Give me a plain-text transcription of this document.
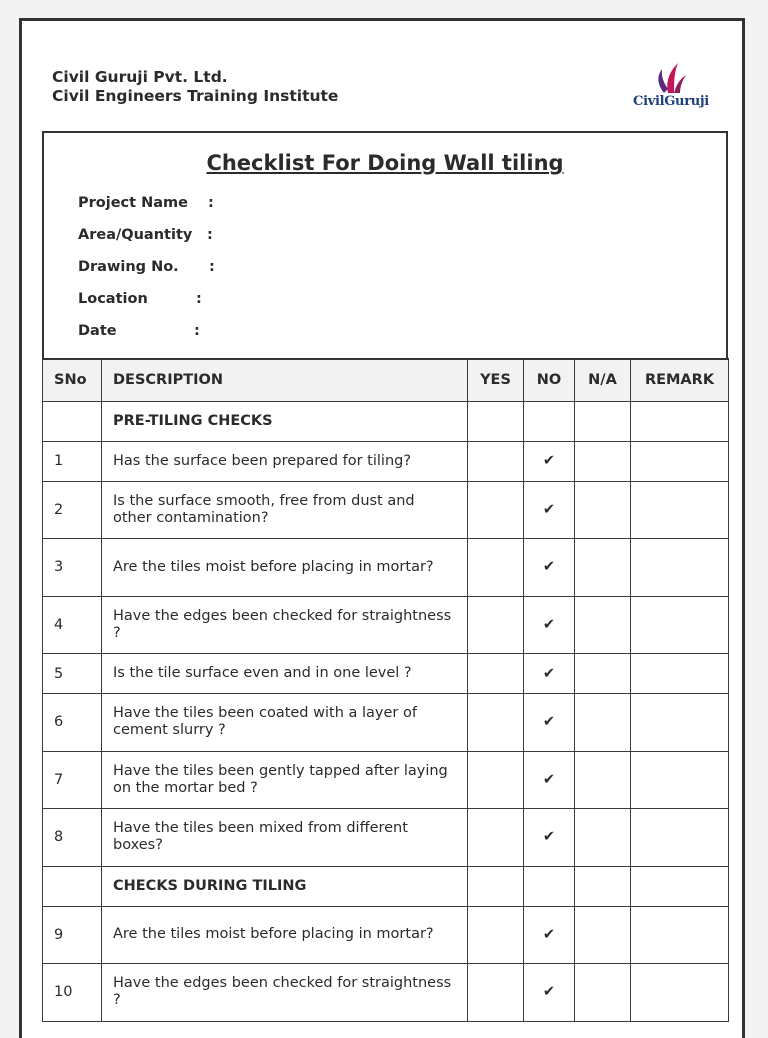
Civil Guruji Pvt. Ltd.
Civil Engineers Training Institute	CivilGuruji
Checklist For Doing Wall tiling
Project Name :
Area/Quantity :
Drawing No. :
Location	:
Date	:
SNo	DESCRIPTION	YES	NO	N/A	REMARK
	PRE-TILING CHECKS				
1	Has the surface been prepared for tiling?		✔		
2	Is the surface smooth, free from dust and other contamination?		✔		
3	Are the tiles moist before placing in mortar?		✔		
4	Have the edges been checked for straightness ?		✔		
5	Is the tile surface even and in one level ?		✔		
6	Have the tiles been coated with a layer of cement slurry ?		✔		
7	Have the tiles been gently tapped after laying on the mortar bed ?		✔		
8	Have the tiles been mixed from different boxes?		✔		
	CHECKS DURING TILING				
9	Are the tiles moist before placing in mortar?		✔		
10	Have the edges been checked for straightness ?		✔		
